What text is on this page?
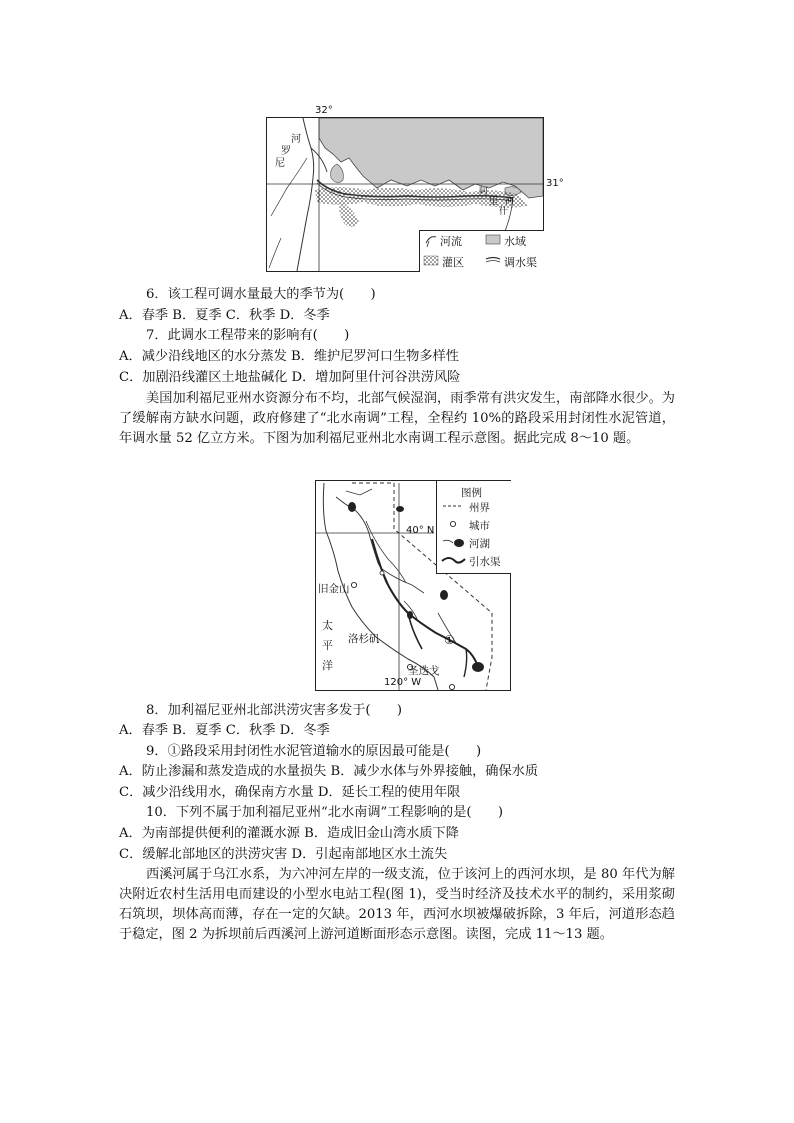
32°
31°
河
罗
尼
阿
里 河
什
河流	水域
灌区	调水渠
6．该工程可调水量最大的季节为(　　)
A．春季 B．夏季 C．秋季 D．冬季
7．此调水工程带来的影响有(　　)
A．减少沿线地区的水分蒸发 B．维护尼罗河口生物多样性
C．加剧沿线灌区土地盐碱化 D．增加阿里什河谷洪涝风险
美国加利福尼亚州水资源分布不均，北部气候湿润，雨季常有洪灾发生，南部降水很少。为了缓解南方缺水问题，政府修建了“北水南调”工程，全程约 10%的路段采用封闭性水泥管道，年调水量 52 亿立方米。下图为加利福尼亚州北水南调工程示意图。据此完成 8～10 题。
40° N
120° W
旧金山
洛杉矶
圣迭戈
太
平
洋
①
图例
州界
城市
河湖
引水渠
8．加利福尼亚州北部洪涝灾害多发于(　　)
A．春季 B．夏季 C．秋季 D．冬季
9．①路段采用封闭性水泥管道输水的原因最可能是(　　)
A．防止渗漏和蒸发造成的水量损失 B．减少水体与外界接触，确保水质
C．减少沿线用水，确保南方水量 D．延长工程的使用年限
10．下列不属于加利福尼亚州“北水南调”工程影响的是(　　)
A．为南部提供便利的灌溉水源 B．造成旧金山湾水质下降
C．缓解北部地区的洪涝灾害 D．引起南部地区水土流失
西溪河属于乌江水系，为六冲河左岸的一级支流，位于该河上的西河水坝，是 80 年代为解决附近农村生活用电而建设的小型水电站工程(图 1)，受当时经济及技术水平的制约，采用浆砌石筑坝，坝体高而薄，存在一定的欠缺。2013 年，西河水坝被爆破拆除，3 年后，河道形态趋于稳定，图 2 为拆坝前后西溪河上游河道断面形态示意图。读图，完成 11～13 题。
